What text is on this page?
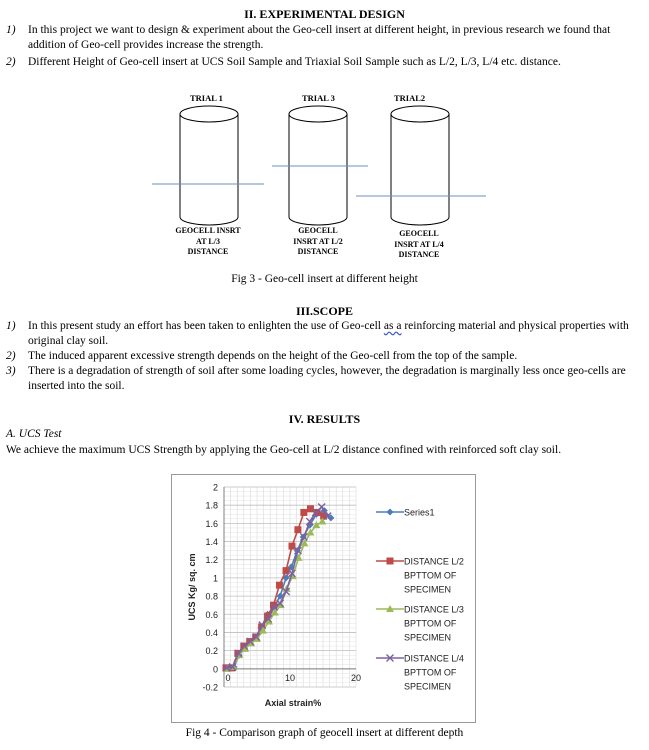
II. EXPERIMENTAL DESIGN
1) In this project we want to design & experiment about the Geo-cell insert at different height, in previous research we found that addition of Geo-cell provides increase the strength.
2) Different Height of Geo-cell insert at UCS Soil Sample and Triaxial Soil Sample such as L/2, L/3, L/4 etc. distance.
TRIAL 1	TRIAL 3	TRIAL2
GEOCELL INSRT
AT L/3
DISTANCE
GEOCELL
INSRT AT L/2
DISTANCE
GEOCELL
INSRT AT L/4
DISTANCE
Fig 3 - Geo-cell insert at different height
III.SCOPE
1) In this present study an effort has been taken to enlighten the use of Geo-cell as a reinforcing material and physical properties with original clay soil.
2) The induced apparent excessive strength depends on the height of the Geo-cell from the top of the sample.
3) There is a degradation of strength of soil after some loading cycles, however, the degradation is marginally less once geo-cells are inserted into the soil.
IV. RESULTS
A. UCS Test
We achieve the maximum UCS Strength by applying the Geo-cell at L/2 distance confined with reinforced soft clay soil.
-0.2
0
0.2
0.4
0.6
0.8
1
1.2
1.4
1.6
1.8
2
0	10	20
Axial strain%
UCS Kg/ sq. cm
Series1
DISTANCE L/2
BPTTOM OF
SPECIMEN
DISTANCE L/3
BPTTOM OF
SPECIMEN
DISTANCE L/4
BPTTOM OF
SPECIMEN
Fig 4 - Comparison graph of geocell insert at different depth
